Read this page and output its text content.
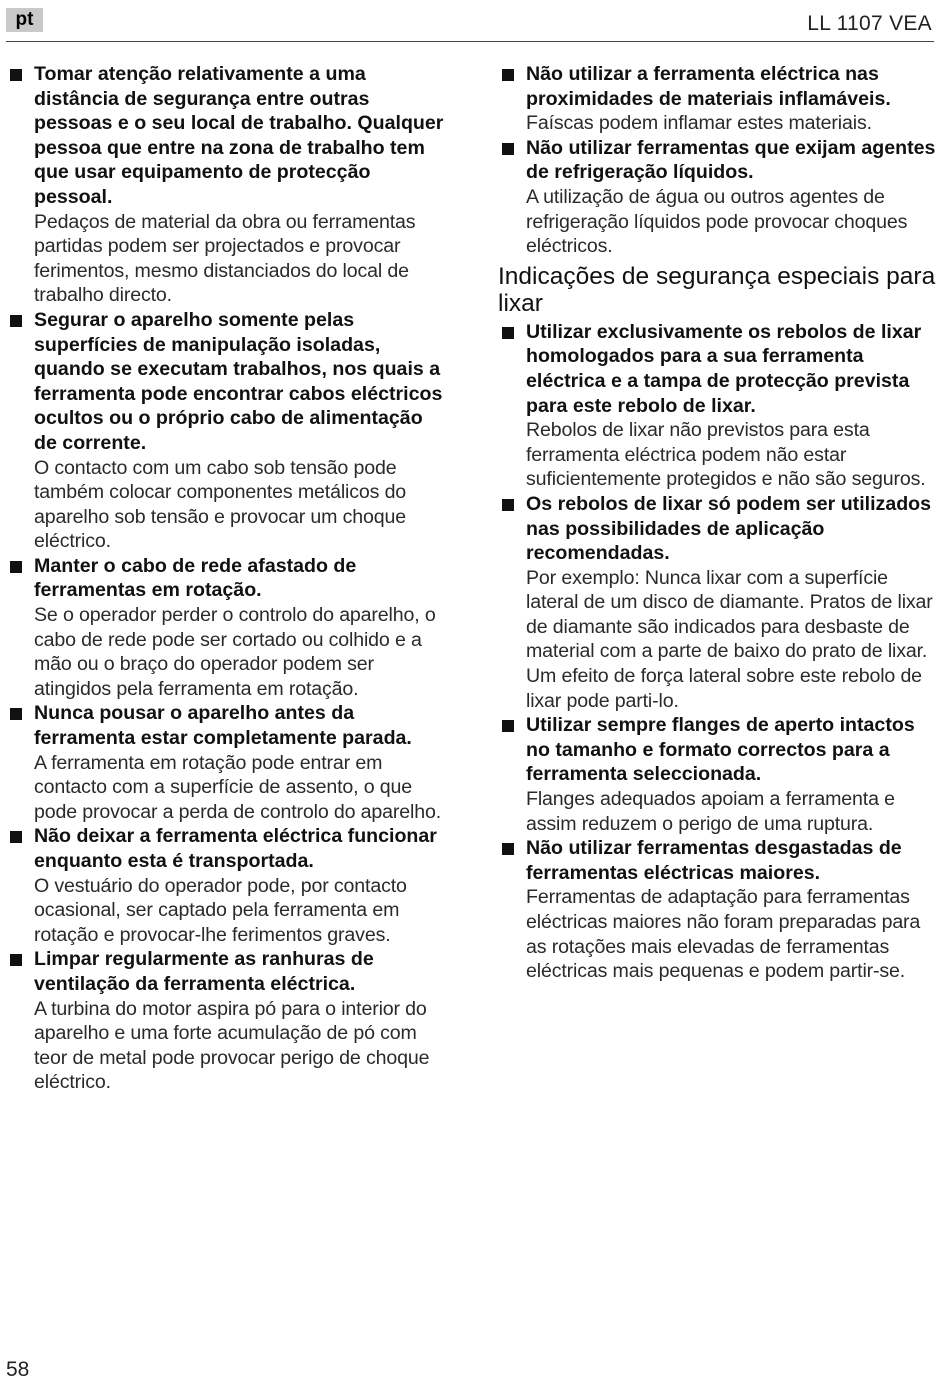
pt	LL 1107 VEA

Tomar atenção relativamente a uma distância de segurança entre outras pessoas e o seu local de trabalho. Qualquer pessoa que entre na zona de trabalho tem que usar equipamento de protecção pessoal.

Pedaços de material da obra ou ferramentas partidas podem ser projectados e provocar ferimentos, mesmo distanciados do local de trabalho directo.

Segurar o aparelho somente pelas superfícies de manipulação isoladas, quando se executam trabalhos, nos quais a ferramenta pode encontrar cabos eléctricos ocultos ou o próprio cabo de alimentação de corrente.

O contacto com um cabo sob tensão pode também colocar componentes metálicos do aparelho sob tensão e provocar um choque eléctrico.

Manter o cabo de rede afastado de ferramentas em rotação.

Se o operador perder o controlo do aparelho, o cabo de rede pode ser cortado ou colhido e a mão ou o braço do operador podem ser atingidos pela ferramenta em rotação.

Nunca pousar o aparelho antes da ferramenta estar completamente parada.

A ferramenta em rotação pode entrar em contacto com a superfície de assento, o que pode provocar a perda de controlo do aparelho.

Não deixar a ferramenta eléctrica funcionar enquanto esta é transportada.

O vestuário do operador pode, por contacto ocasional, ser captado pela ferramenta em rotação e provocar-lhe ferimentos graves.

Limpar regularmente as ranhuras de ventilação da ferramenta eléctrica.

A turbina do motor aspira pó para o interior do aparelho e uma forte acumulação de pó com teor de metal pode provocar perigo de choque eléctrico.

Não utilizar a ferramenta eléctrica nas proximidades de materiais inflamáveis.

Faíscas podem inflamar estes materiais.

Não utilizar ferramentas que exijam agentes de refrigeração líquidos.

A utilização de água ou outros agentes de refrigeração líquidos pode provocar choques eléctricos.

Indicações de segurança especiais para lixar

Utilizar exclusivamente os rebolos de lixar homologados para a sua ferramenta eléctrica e a tampa de protecção prevista para este rebolo de lixar.

Rebolos de lixar não previstos para esta ferramenta eléctrica podem não estar suficientemente protegidos e não são seguros.

Os rebolos de lixar só podem ser utilizados nas possibilidades de aplicação recomendadas.

Por exemplo: Nunca lixar com a superfície lateral de um disco de diamante. Pratos de lixar de diamante são indicados para desbaste de material com a parte de baixo do prato de lixar. Um efeito de força lateral sobre este rebolo de lixar pode parti-lo.

Utilizar sempre flanges de aperto intactos no tamanho e formato correctos para a ferramenta seleccionada.

Flanges adequados apoiam a ferramenta e assim reduzem o perigo de uma ruptura.

Não utilizar ferramentas desgastadas de ferramentas eléctricas maiores.

Ferramentas de adaptação para ferramentas eléctricas maiores não foram preparadas para as rotações mais elevadas de ferramentas eléctricas mais pequenas e podem partir-se.

58
